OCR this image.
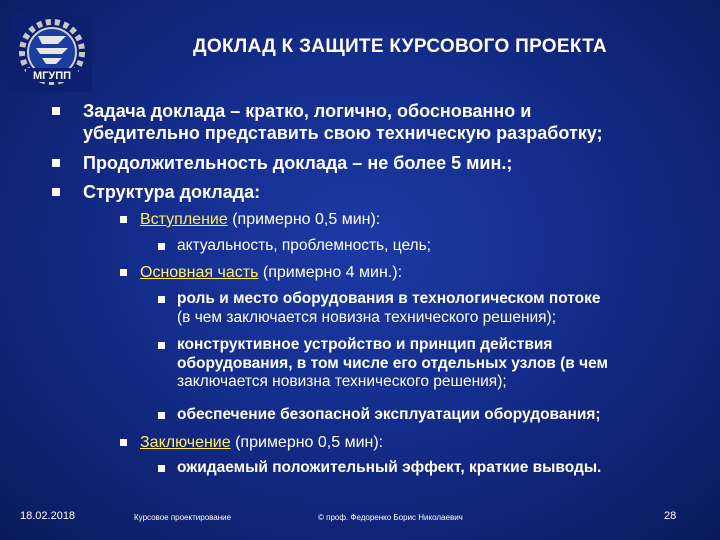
МГУПП
ДОКЛАД К ЗАЩИТЕ КУРСОВОГО ПРОЕКТА
Задача доклада – кратко, логично, обоснованно и
убедительно представить свою техническую разработку;
Продолжительность доклада – не более 5 мин.;
Структура доклада:
Вступление (примерно 0,5 мин):
актуальность, проблемность, цель;
Основная часть (примерно 4 мин.):
роль и место оборудования в технологическом потоке
(в чем заключается новизна технического решения);
конструктивное устройство и принцип действия
оборудования, в том числе его отдельных узлов (в чем
заключается новизна технического решения);
обеспечение безопасной эксплуатации оборудования;
Заключение (примерно 0,5 мин):
ожидаемый положительный эффект, краткие выводы.
18.02.2018	Курсовое проектирование	© проф. Федоренко Борис Николаевич	28
